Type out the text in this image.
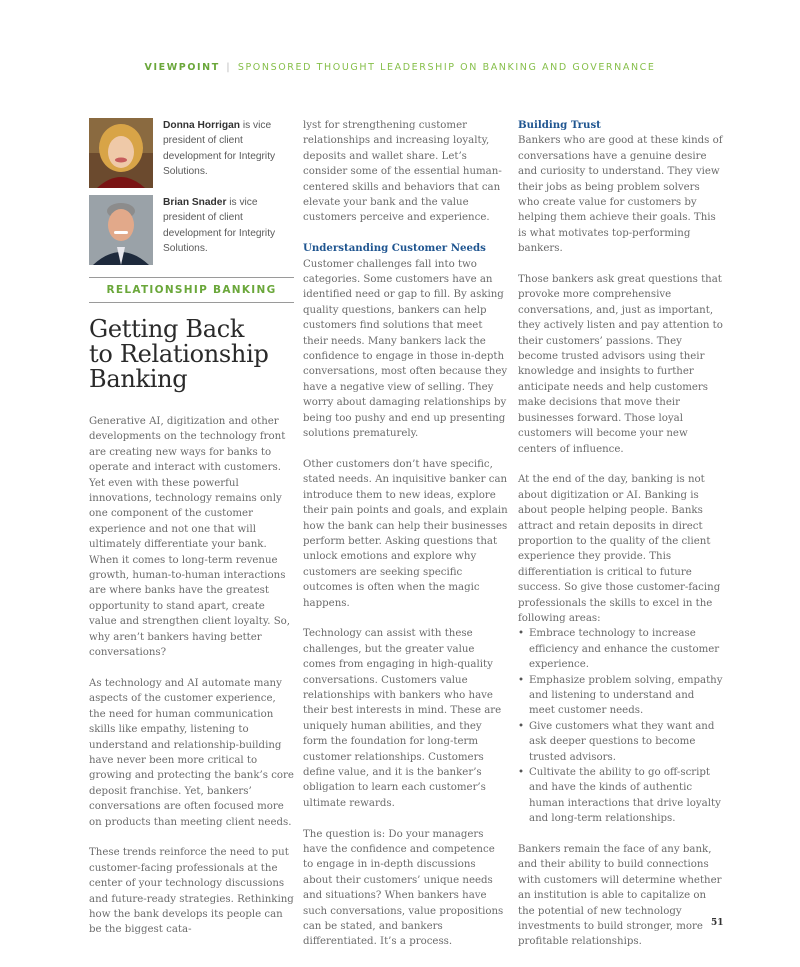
VIEWPOINT | SPONSORED THOUGHT LEADERSHIP ON BANKING AND GOVERNANCE
Donna Horrigan is vice president of client development for Integrity Solutions.
Brian Snader is vice president of client development for Integrity Solutions.
RELATIONSHIP BANKING
Getting Back
to Relationship
Banking

Generative AI, digitization and other developments on the technology front are creating new ways for banks to operate and interact with customers. Yet even with these powerful innovations, technology remains only one component of the customer experience and not one that will ultimately differentiate your bank. When it comes to long-term revenue growth, human-to-human interactions are where banks have the greatest opportunity to stand apart, create value and strengthen client loyalty. So, why aren’t bankers having better conversations?

As technology and AI automate many aspects of the customer experience, the need for human communication skills like empathy, listening to understand and relationship-building have never been more critical to growing and protecting the bank’s core deposit franchise. Yet, bankers’ conversations are often focused more on products than meeting client needs.

These trends reinforce the need to put customer-facing professionals at the center of your technology discussions and future-ready strategies. Rethinking how the bank develops its people can be the biggest cata-

lyst for strengthening customer relationships and increasing loyalty, deposits and wallet share. Let’s consider some of the essential human-centered skills and behaviors that can elevate your bank and the value customers perceive and experience.

Understanding Customer Needs

Customer challenges fall into two categories. Some customers have an identified need or gap to fill. By asking quality questions, bankers can help customers find solutions that meet their needs. Many bankers lack the confidence to engage in those in-depth conversations, most often because they have a negative view of selling. They worry about damaging relationships by being too pushy and end up presenting solutions prematurely.

Other customers don’t have specific, stated needs. An inquisitive banker can introduce them to new ideas, explore their pain points and goals, and explain how the bank can help their businesses perform better. Asking questions that unlock emotions and explore why customers are seeking specific outcomes is often when the magic happens.

Technology can assist with these challenges, but the greater value comes from engaging in high-quality conversations. Customers value relationships with bankers who have their best interests in mind. These are uniquely human abilities, and they form the foundation for long-term customer relationships. Customers define value, and it is the banker’s obligation to learn each customer’s ultimate rewards.

The question is: Do your managers have the confidence and competence to engage in in-depth discussions about their customers’ unique needs and situations? When bankers have such conversations, value propositions can be stated, and bankers differentiated. It’s a process.

Building Trust

Bankers who are good at these kinds of conversations have a genuine desire and curiosity to understand. They view their jobs as being problem solvers who create value for customers by helping them achieve their goals. This is what motivates top-performing bankers.

Those bankers ask great questions that provoke more comprehensive conversations, and, just as important, they actively listen and pay attention to their customers’ passions. They become trusted advisors using their knowledge and insights to further anticipate needs and help customers make decisions that move their businesses forward. Those loyal customers will become your new centers of influence.

At the end of the day, banking is not about digitization or AI. Banking is about people helping people. Banks attract and retain deposits in direct proportion to the quality of the client experience they provide. This differentiation is critical to future success. So give those customer-facing professionals the skills to excel in the following areas:

• Embrace technology to increase efficiency and enhance the customer experience.
• Emphasize problem solving, empathy and listening to understand and meet customer needs.
• Give customers what they want and ask deeper questions to become trusted advisors.
• Cultivate the ability to go off-script and have the kinds of authentic human interactions that drive loyalty and long-term relationships.

Bankers remain the face of any bank, and their ability to build connections with customers will determine whether an institution is able to capitalize on the potential of new technology investments to build stronger, more profitable relationships.

51
